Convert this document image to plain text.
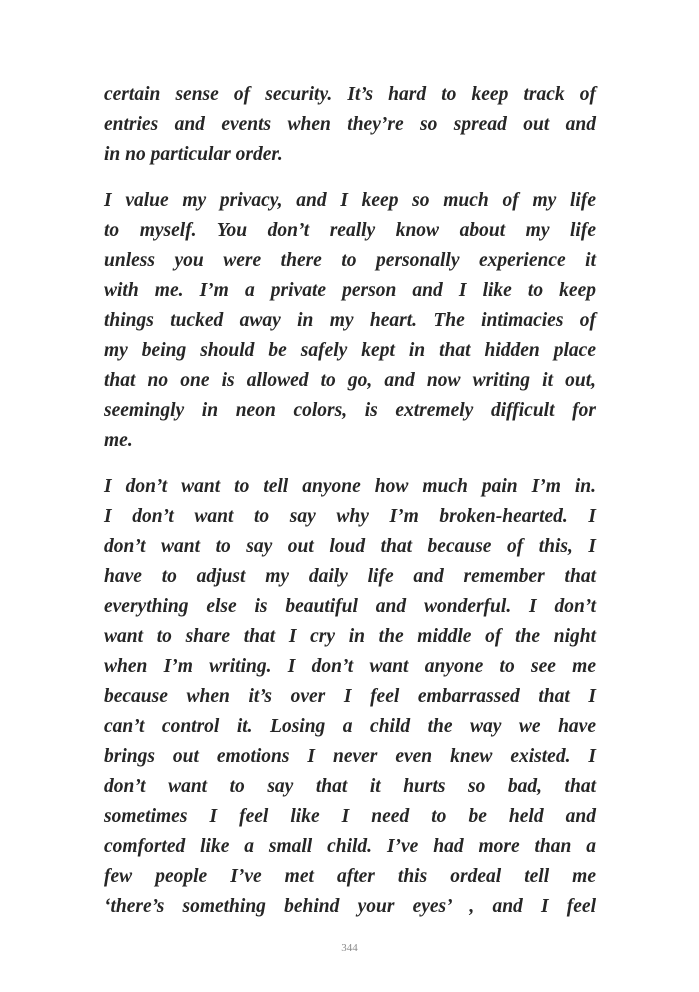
certain sense of security. It’s hard to keep track of
entries and events when they’re so spread out and
in no particular order.

I value my privacy, and I keep so much of my life
to myself. You don’t really know about my life
unless you were there to personally experience it
with me. I’m a private person and I like to keep
things tucked away in my heart. The intimacies of
my being should be safely kept in that hidden place
that no one is allowed to go, and now writing it out,
seemingly in neon colors, is extremely difficult for
me.

I don’t want to tell anyone how much pain I’m in.
I don’t want to say why I’m broken-hearted. I
don’t want to say out loud that because of this, I
have to adjust my daily life and remember that
everything else is beautiful and wonderful. I don’t
want to share that I cry in the middle of the night
when I’m writing. I don’t want anyone to see me
because when it’s over I feel embarrassed that I
can’t control it. Losing a child the way we have
brings out emotions I never even knew existed. I
don’t want to say that it hurts so bad, that
sometimes I feel like I need to be held and
comforted like a small child. I’ve had more than a
few people I’ve met after this ordeal tell me
‘there’s something behind your eyes’ , and I feel

344
